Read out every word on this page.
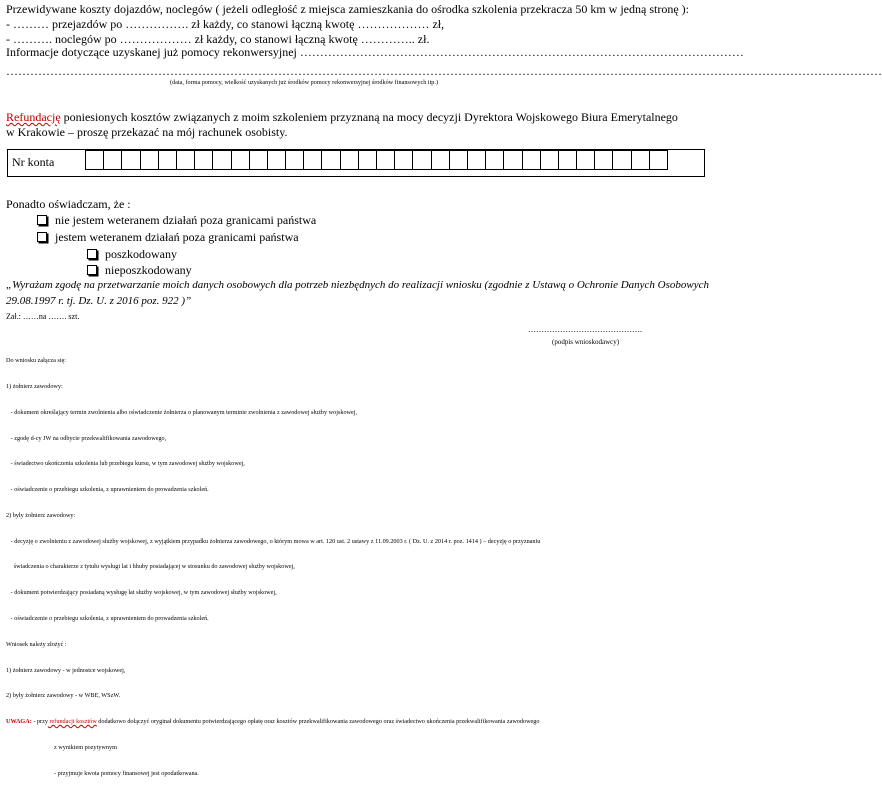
Przewidywane koszty dojazdów, noclegów ( jeżeli odległość z miejsca zamieszkania do ośrodka szkolenia przekracza 50 km w jedną stronę ):
- ……… przejazdów po ……………. zł każdy, co stanowi łączną kwotę ……………… zł,
- ………. noclegów po ……………… zł każdy, co stanowi łączną kwotę ………….. zł.
Informacje dotyczące uzyskanej już pomocy rekonwersyjnej …………………………………………………………………………………………………
…………………………………………………………………………………………………………………………………………………………………………………………………
(data, forma pomocy, wielkość uzyskanych już środków pomocy rekonwersyjnej środków finansowych itp.)
Refundację poniesionych kosztów związanych z moim szkoleniem przyznaną na mocy decyzji Dyrektora Wojskowego Biura Emerytalnego
w Krakowie – proszę przekazać na mój rachunek osobisty.
Nr konta
Ponadto oświadczam, że :
nie jestem weteranem działań poza granicami państwa
jestem weteranem działań poza granicami państwa
poszkodowany
nieposzkodowany
„Wyrażam zgodę na przetwarzanie moich danych osobowych dla potrzeb niezbędnych do realizacji wniosku (zgodnie z Ustawą o Ochronie Danych Osobowych
29.08.1997 r. tj. Dz. U. z 2016 poz. 922 )”
Zał.: ……na ……. szt.
…………………………………….
(podpis wnioskodawcy)

Do wniosku załącza się:

1) żołnierz zawodowy:

- dokument określający termin zwolnienia albo oświadczenie żołnierza o planowanym terminie zwolnienia z zawodowej służby wojskowej,

- zgodę d-cy JW na odbycie przekwalifikowania zawodowego,

- świadectwo ukończenia szkolenia lub przebiegu kursu, w tym zawodowej służby wojskowej,

- oświadczenie o przebiegu szkolenia, z uprawnieniem do prowadzenia szkoleń.

2) były żołnierz zawodowy:

- decyzję o zwolnieniu z zawodowej służby wojskowej, z wyjątkiem przypadku żołnierza zawodowego, o którym mowa w art. 120 ust. 2 ustawy z 11.09.2003 r. ( Dz. U. z 2014 r. poz. 1414 ) – decyzję o przyznaniu

świadczenia o charakterze z tytułu wysługi lat i hhuby posiadającej w stosunku do zawodowej służby wojskowej,

- dokument potwierdzający posiadaną wysługę lat służby wojskowej, w tym zawodowej służby wojskowej,

- oświadczenie o przebiegu szkolenia, z uprawnieniem do prowadzenia szkoleń.

Wniosek należy złożyć :

1) żołnierz zawodowy - w jednostce wojskowej,

2) były żołnierz zawodowy - w WBE, WSzW.

UWAGA: - przy refundacji kosztów dodatkowo dołączyć oryginał dokumentu potwierdzającego opłatę oraz kosztów przekwalifikowania zawodowego oraz świadectwo ukończenia przekwalifikowania zawodowego

z wynikiem pozytywnym

- przyjmuje kwota pomocy finansowej jest opodatkowana.
